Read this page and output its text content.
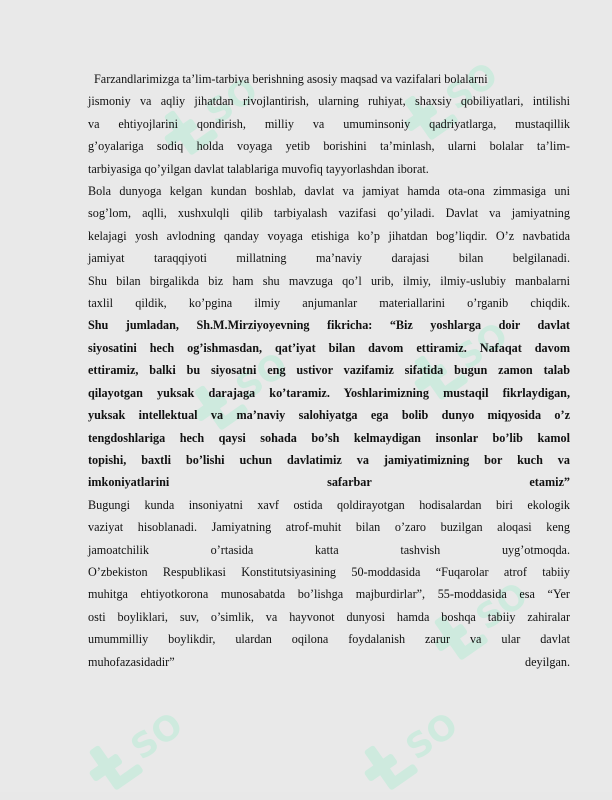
SO
SO
SO
SO
SO
SO	SO

Farzandlarimizga ta’lim-tarbiya berishning asosiy maqsad va vazifalari bolalarni

jismoniy va aqliy jihatdan rivojlantirish, ularning ruhiyat, shaxsiy qobiliyatlari, intilishi

va ehtiyojlarini qondirish, milliy va umuminsoniy qadriyatlarga, mustaqillik

g’oyalariga sodiq holda voyaga yetib borishini ta’minlash, ularni bolalar ta’lim-

tarbiyasiga qo’yilgan davlat talablariga muvofiq tayyorlashdan iborat.

Bola dunyoga kelgan kundan boshlab, davlat va jamiyat hamda ota-ona zimmasiga uni

sog’lom, aqlli, xushxulqli qilib tarbiyalash vazifasi qo’yiladi. Davlat va jamiyatning

kelajagi yosh avlodning qanday voyaga etishiga ko’p jihatdan bog’liqdir. O’z navbatida

jamiyat taraqqiyoti millatning ma’naviy darajasi bilan belgilanadi.

Shu bilan birgalikda biz ham shu mavzuga qo’l urib, ilmiy, ilmiy-uslubiy manbalarni

taxlil qildik, ko’pgina ilmiy anjumanlar materiallarini o’rganib chiqdik.

Shu jumladan, Sh.M.Mirziyoyevning fikricha: “Biz yoshlarga doir davlat

siyosatini hech og’ishmasdan, qat’iyat bilan davom ettiramiz. Nafaqat davom

ettiramiz, balki bu siyosatni eng ustivor vazifamiz sifatida bugun zamon talab

qilayotgan yuksak darajaga ko’taramiz. Yoshlarimizning mustaqil fikrlaydigan,

yuksak intellektual va ma’naviy salohiyatga ega bolib dunyo miqyosida o’z

tengdoshlariga hech qaysi sohada bo’sh kelmaydigan insonlar bo’lib kamol

topishi, baxtli bo’lishi uchun davlatimiz va jamiyatimizning bor kuch va

imkoniyatlarini safarbar etamiz”

Bugungi kunda insoniyatni xavf ostida qoldirayotgan hodisalardan biri ekologik

vaziyat hisoblanadi. Jamiyatning atrof-muhit bilan o’zaro buzilgan aloqasi keng

jamoatchilik o’rtasida katta tashvish uyg’otmoqda.

O’zbekiston Respublikasi Konstitutsiyasining 50-moddasida “Fuqarolar atrof tabiiy

muhitga ehtiyotkorona munosabatda bo’lishga majburdirlar”, 55-moddasida esa “Yer

osti boyliklari, suv, o’simlik, va hayvonot dunyosi hamda boshqa tabiiy zahiralar

umummilliy boylikdir, ulardan oqilona foydalanish zarur va ular davlat

muhofazasidadir”	deyilgan.
